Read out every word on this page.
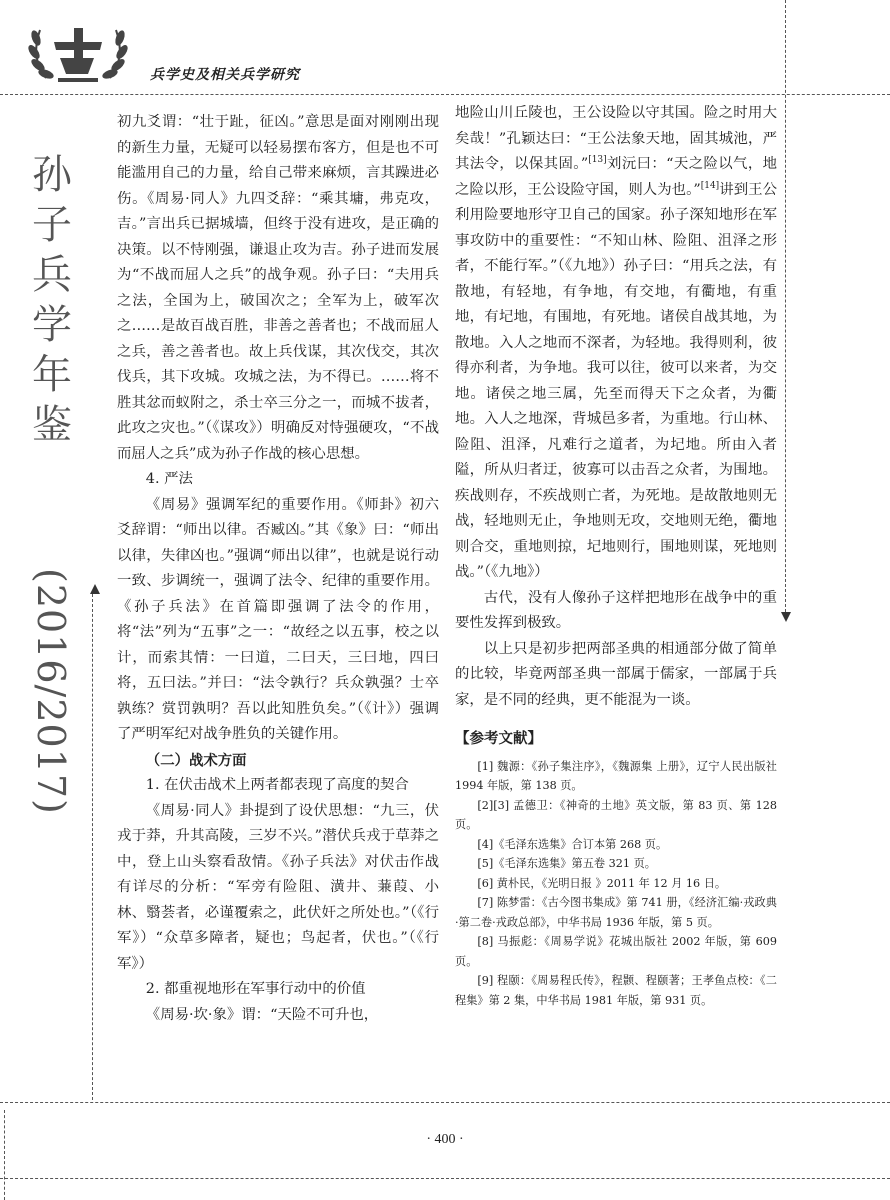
兵学史及相关兵学研究
孙
子
兵
学
年
鉴
(2016/2017)

初九爻谓：“壮于趾，征凶。”意思是面对刚刚出现的新生力量，无疑可以轻易摆布客方，但是也不可能滥用自己的力量，给自己带来麻烦，言其躁进必伤。《周易·同人》九四爻辞：“乘其墉，弗克攻，吉。”言出兵已据城墙，但终于没有进攻，是正确的决策。以不恃刚强，谦退止攻为吉。孙子进而发展为“不战而屈人之兵”的战争观。孙子曰：“夫用兵之法，全国为上，破国次之；全军为上，破军次之……是故百战百胜，非善之善者也；不战而屈人之兵，善之善者也。故上兵伐谋，其次伐交，其次伐兵，其下攻城。攻城之法，为不得已。……将不胜其忿而蚁附之，杀士卒三分之一，而城不拔者，此攻之灾也。”（《谋攻》）明确反对恃强硬攻，“不战而屈人之兵”成为孙子作战的核心思想。

4. 严法

《周易》强调军纪的重要作用。《师卦》初六爻辞谓：“师出以律。否臧凶。”其《象》曰：“师出以律，失律凶也。”强调“师出以律”，也就是说行动一致、步调统一，强调了法令、纪律的重要作用。《孙子兵法》在首篇即强调了法令的作用，将“法”列为“五事”之一：“故经之以五事，校之以计，而索其情：一曰道，二曰天，三曰地，四曰将，五曰法。”并曰：“法令孰行？兵众孰强？士卒孰练？赏罚孰明？吾以此知胜负矣。”（《计》）强调了严明军纪对战争胜负的关键作用。

（二）战术方面

1. 在伏击战术上两者都表现了高度的契合

《周易·同人》卦提到了设伏思想：“九三，伏戎于莽，升其高陵，三岁不兴。”潜伏兵戎于草莽之中，登上山头察看敌情。《孙子兵法》对伏击作战有详尽的分析：“军旁有险阻、潢井、蒹葭、小林、翳荟者，必谨覆索之，此伏奸之所处也。”（《行军》）“众草多障者，疑也；鸟起者，伏也。”（《行军》）

2. 都重视地形在军事行动中的价值

《周易·坎·象》谓：“天险不可升也，

地险山川丘陵也，王公设险以守其国。险之时用大矣哉！”孔颖达曰：“王公法象天地，固其城池，严其法令，以保其固。”[13]刘沅曰：“天之险以气，地之险以形，王公设险守国，则人为也。”[14]讲到王公利用险要地形守卫自己的国家。孙子深知地形在军事攻防中的重要性：“不知山林、险阻、沮泽之形者，不能行军。”（《九地》）孙子曰：“用兵之法，有散地，有轻地，有争地，有交地，有衢地，有重地，有圮地，有围地，有死地。诸侯自战其地，为散地。入人之地而不深者，为轻地。我得则利，彼得亦利者，为争地。我可以往，彼可以来者，为交地。诸侯之地三属，先至而得天下之众者，为衢地。入人之地深，背城邑多者，为重地。行山林、险阻、沮泽，凡难行之道者，为圮地。所由入者隘，所从归者迂，彼寡可以击吾之众者，为围地。疾战则存，不疾战则亡者，为死地。是故散地则无战，轻地则无止，争地则无攻，交地则无绝，衢地则合交，重地则掠，圮地则行，围地则谋，死地则战。”（《九地》）

古代，没有人像孙子这样把地形在战争中的重要性发挥到极致。

以上只是初步把两部圣典的相通部分做了简单的比较，毕竟两部圣典一部属于儒家，一部属于兵家，是不同的经典，更不能混为一谈。

【参考文献】

[1] 魏源：《孙子集注序》，《魏源集 上册》，辽宁人民出版社 1994 年版，第 138 页。

[2][3] 孟德卫：《神奇的土地》英文版，第 83 页、第 128 页。

[4]《毛泽东选集》合订本第 268 页。

[5]《毛泽东选集》第五卷 321 页。

[6] 黄朴民，《光明日报 》2011 年 12 月 16 日。

[7] 陈梦雷：《古今图书集成》第 741 册，《经济汇编·戎政典·第二卷·戎政总部》，中华书局 1936 年版，第 5 页。

[8] 马振彪：《周易学说》花城出版社 2002 年版，第 609 页。

[9] 程颐：《周易程氏传》，程颢、程颐著；王孝鱼点校：《二程集》第 2 集，中华书局 1981 年版，第 931 页。

· 400 ·
